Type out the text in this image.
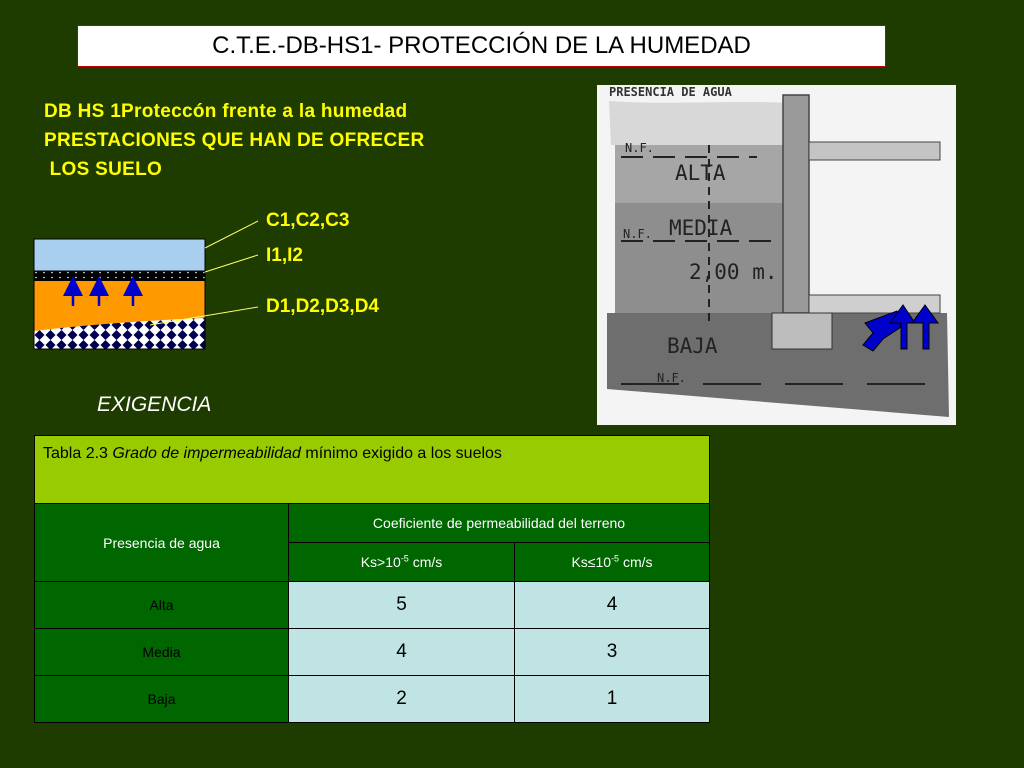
C.T.E.-DB-HS1- PROTECCIÓN DE LA HUMEDAD
DB HS 1Proteccón frente a la humedad
PRESTACIONES QUE HAN DE OFRECER
LOS SUELO
C1,C2,C3
I1,I2
D1,D2,D3,D4
PRESENCIA DE AGUA
N.F.
N.F.
N.F.
ALTA
MEDIA
2,00 m.
BAJA
EXIGENCIA
Tabla 2.3 Grado de impermeabilidad mínimo exigido a los suelos		
Presencia de agua	Coeficiente de permeabilidad del terreno	
	$Ks>10^{-5}$ cm/s	$Ks\le 10^{-5}$ cm/s
Alta	5	4
Media	4	3
Baja	2	1
